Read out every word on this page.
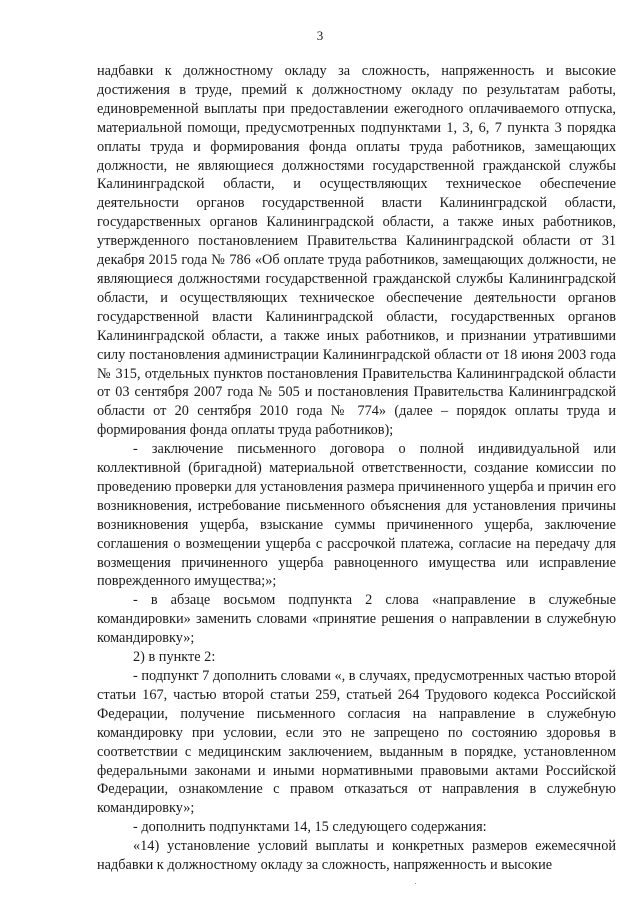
3

надбавки к должностному окладу за сложность, напряженность и высокие достижения в труде, премий к должностному окладу по результатам работы, единовременной выплаты при предоставлении ежегодного оплачиваемого отпуска, материальной помощи, предусмотренных подпунктами 1, 3, 6, 7 пункта 3 порядка оплаты труда и формирования фонда оплаты труда работников, замещающих должности, не являющиеся должностями государственной гражданской службы Калининградской области, и осуществляющих техническое обеспечение деятельности органов государственной власти Калининградской области, государственных органов Калининградской области, а также иных работников, утвержденного постановлением Правительства Калининградской области от 31 декабря 2015 года № 786 «Об оплате труда работников, замещающих должности, не являющиеся должностями государственной гражданской службы Калининградской области, и осуществляющих техническое обеспечение деятельности органов государственной власти Калининградской области, государственных органов Калининградской области, а также иных работников, и признании утратившими силу постановления администрации Калининградской области от 18 июня 2003 года № 315, отдельных пунктов постановления Правительства Калининградской области от 03 сентября 2007 года № 505 и постановления Правительства Калининградской области от 20 сентября 2010 года № 774» (далее – порядок оплаты труда и формирования фонда оплаты труда работников);

- заключение письменного договора о полной индивидуальной или коллективной (бригадной) материальной ответственности, создание комиссии по проведению проверки для установления размера причиненного ущерба и причин его возникновения, истребование письменного объяснения для установления причины возникновения ущерба, взыскание суммы причиненного ущерба, заключение соглашения о возмещении ущерба с рассрочкой платежа, согласие на передачу для возмещения причиненного ущерба равноценного имущества или исправление поврежденного имущества;»;

- в абзаце восьмом подпункта 2 слова «направление в служебные командировки» заменить словами «принятие решения о направлении в служебную командировку»;

2) в пункте 2:

- подпункт 7 дополнить словами «, в случаях, предусмотренных частью второй статьи 167, частью второй статьи 259, статьей 264 Трудового кодекса Российской Федерации, получение письменного согласия на направление в служебную командировку при условии, если это не запрещено по состоянию здоровья в соответствии с медицинским заключением, выданным в порядке, установленном федеральными законами и иными нормативными правовыми актами Российской Федерации, ознакомление с правом отказаться от направления в служебную командировку»;

- дополнить подпунктами 14, 15 следующего содержания:

«14) установление условий выплаты и конкретных размеров ежемесячной надбавки к должностному окладу за сложность, напряженность и высокие
